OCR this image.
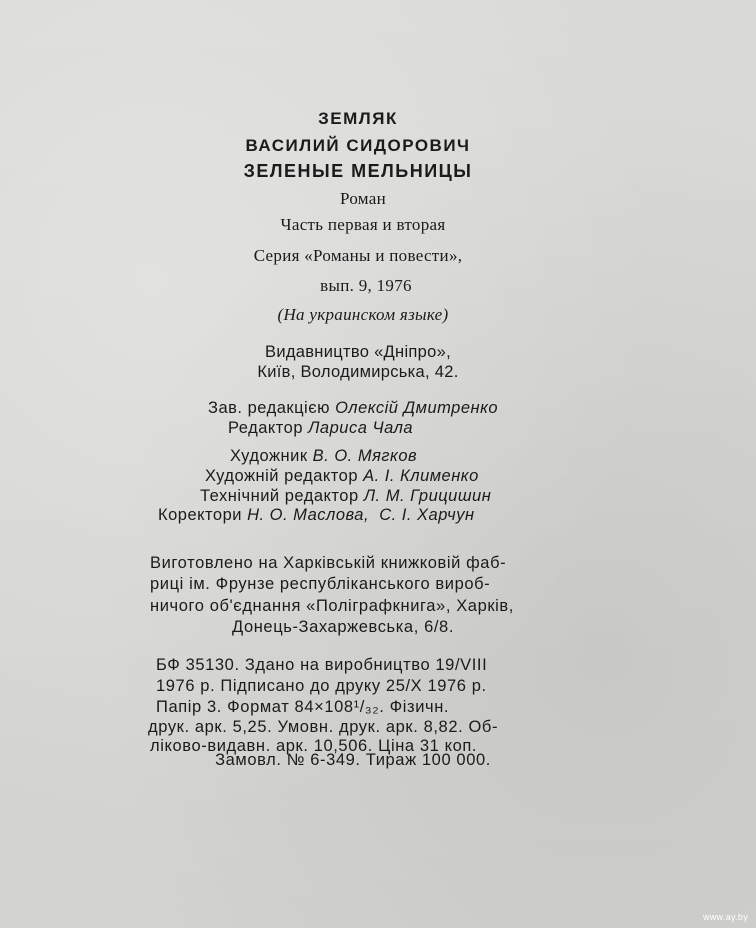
ЗЕМЛЯК
ВАСИЛИЙ СИДОРОВИЧ
ЗЕЛЕНЫЕ МЕЛЬНИЦЫ
Роман
Часть первая и вторая
Серия «Романы и повести»,
вып. 9, 1976
(На украинском языке)
Видавництво «Дніпро»,
Київ, Володимирська, 42.
Зав. редакцією Олексій Дмитренко
Редактор Лариса Чала
Художник В. О. Мягков
Художній редактор А. І. Клименко
Технічний редактор Л. М. Грицишин
Коректори Н. О. Маслова,  С. І. Харчун
Виготовлено на Харківській книжковій фаб-
риці ім. Фрунзе республіканського вироб-
ничого об'єднання «Поліграфкнига», Харків,
Донець-Захаржевська, 6/8.
БФ 35130. Здано на виробництво 19/VIII
1976 р. Підписано до друку 25/Х 1976 р.
Папір 3. Формат 84×108¹/₃₂. Фізичн.
друк. арк. 5,25. Умовн. друк. арк. 8,82. Об-
ліково-видавн. арк. 10,506. Ціна 31 коп.
Замовл. № 6-349. Тираж 100 000.
www.ay.by
